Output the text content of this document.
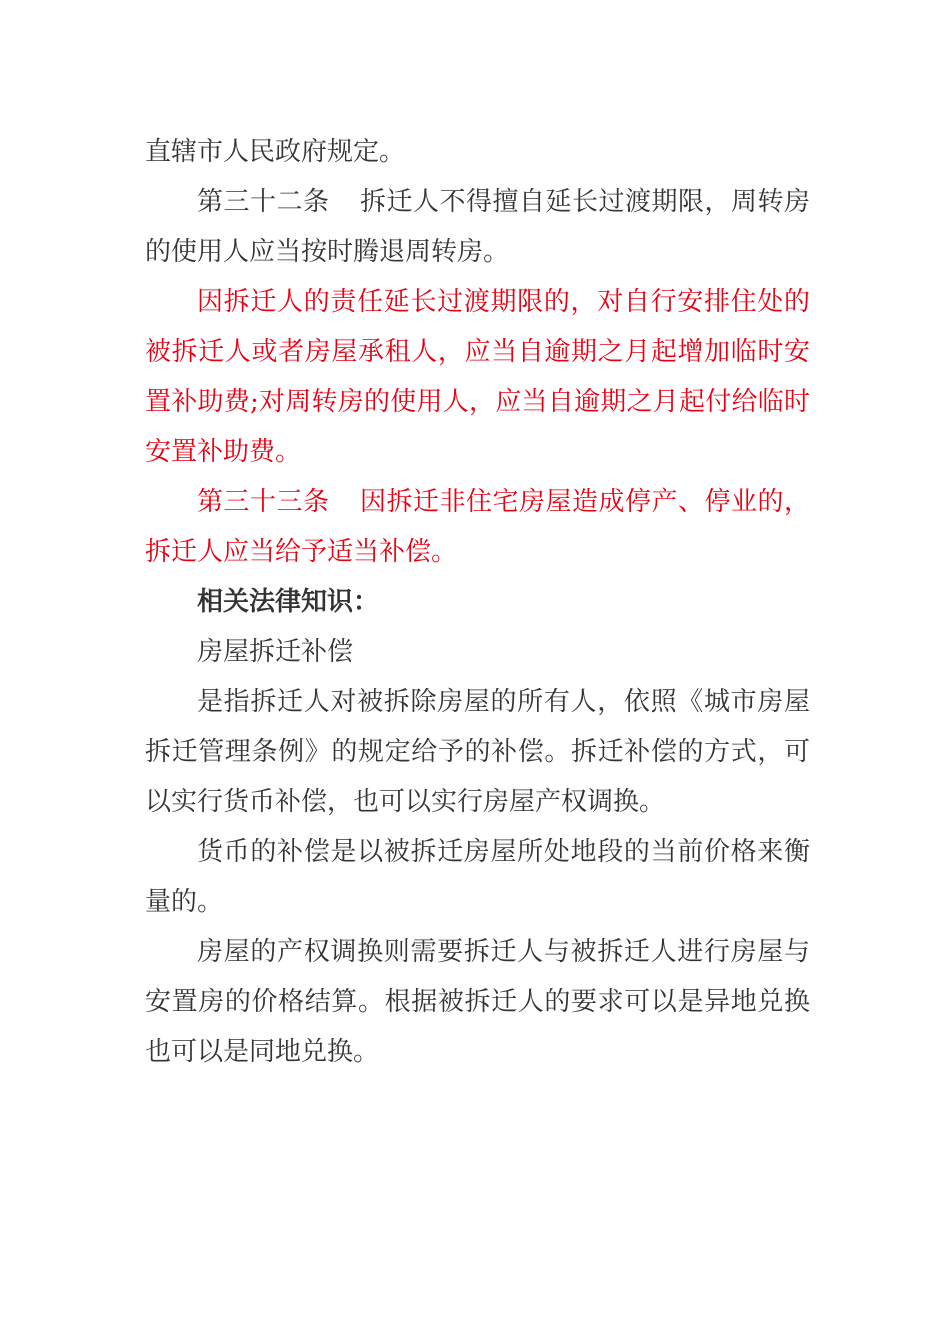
直辖市人民政府规定。

第三十二条 拆迁人不得擅自延长过渡期限，周转房的使用人应当按时腾退周转房。

因拆迁人的责任延长过渡期限的，对自行安排住处的被拆迁人或者房屋承租人，应当自逾期之月起增加临时安置补助费;对周转房的使用人，应当自逾期之月起付给临时安置补助费。

第三十三条 因拆迁非住宅房屋造成停产、停业的，拆迁人应当给予适当补偿。

相关法律知识：

房屋拆迁补偿

是指拆迁人对被拆除房屋的所有人，依照《城市房屋拆迁管理条例》的规定给予的补偿。拆迁补偿的方式，可以实行货币补偿，也可以实行房屋产权调换。

货币的补偿是以被拆迁房屋所处地段的当前价格来衡量的。

房屋的产权调换则需要拆迁人与被拆迁人进行房屋与安置房的价格结算。根据被拆迁人的要求可以是异地兑换也可以是同地兑换。
